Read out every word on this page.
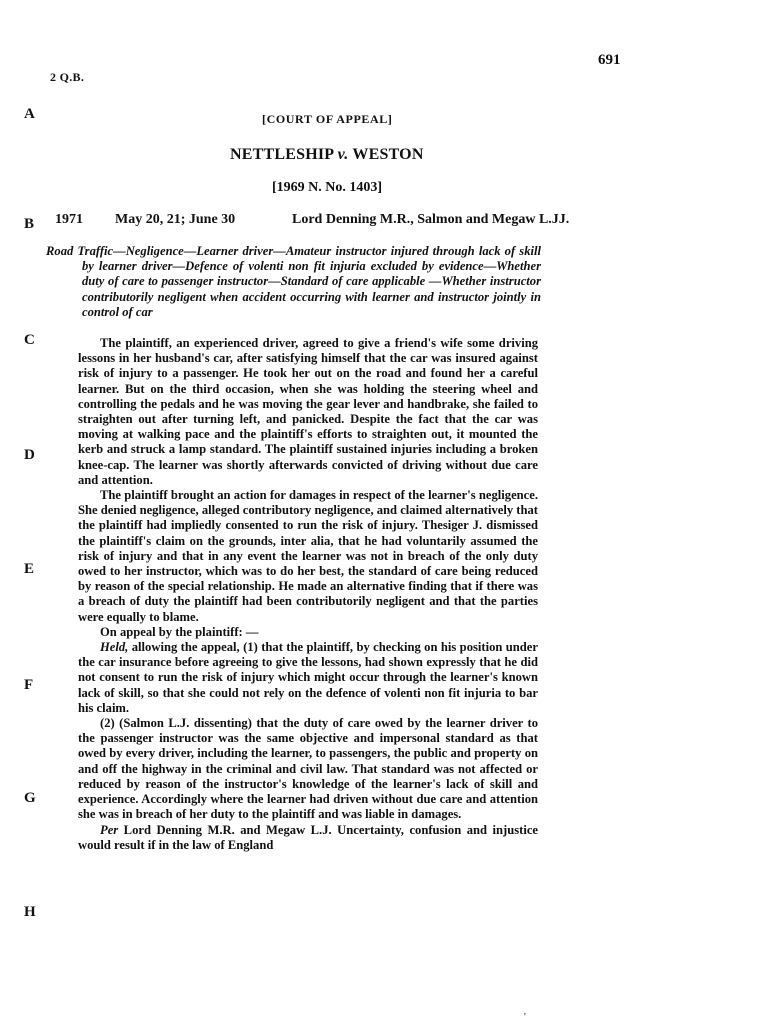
691
2 Q.B.
A
B
C
D
E
F
G
H
[COURT OF APPEAL]
NETTLESHIP v. WESTON
[1969 N. No. 1403]
1971 May 20, 21; June 30	Lord Denning M.R., Salmon and Megaw L.JJ.
Road Traffic—Negligence—Learner driver—Amateur instructor injured through lack of skill by learner driver—Defence of volenti non fit injuria excluded by evidence—Whether duty of care to passenger instructor—Standard of care applicable —Whether instructor contributorily negligent when accident occurring with learner and instructor jointly in control of car

The plaintiff, an experienced driver, agreed to give a friend's wife some driving lessons in her husband's car, after satisfying himself that the car was insured against risk of injury to a passenger. He took her out on the road and found her a careful learner. But on the third occasion, when she was holding the steering wheel and controlling the pedals and he was moving the gear lever and handbrake, she failed to straighten out after turning left, and panicked. Despite the fact that the car was moving at walking pace and the plaintiff's efforts to straighten out, it mounted the kerb and struck a lamp standard. The plaintiff sustained injuries including a broken knee-cap. The learner was shortly afterwards convicted of driving without due care and attention.

The plaintiff brought an action for damages in respect of the learner's negligence. She denied negligence, alleged contributory negligence, and claimed alternatively that the plaintiff had impliedly consented to run the risk of injury. Thesiger J. dismissed the plaintiff's claim on the grounds, inter alia, that he had voluntarily assumed the risk of injury and that in any event the learner was not in breach of the only duty owed to her instructor, which was to do her best, the standard of care being reduced by reason of the special relationship. He made an alternative finding that if there was a breach of duty the plaintiff had been contributorily negligent and that the parties were equally to blame.

On appeal by the plaintiff: —

Held, allowing the appeal, (1) that the plaintiff, by checking on his position under the car insurance before agreeing to give the lessons, had shown expressly that he did not consent to run the risk of injury which might occur through the learner's known lack of skill, so that she could not rely on the defence of volenti non fit injuria to bar his claim.

(2) (Salmon L.J. dissenting) that the duty of care owed by the learner driver to the passenger instructor was the same objective and impersonal standard as that owed by every driver, including the learner, to passengers, the public and property on and off the highway in the criminal and civil law. That standard was not affected or reduced by reason of the instructor's knowledge of the learner's lack of skill and experience. Accordingly where the learner had driven without due care and attention she was in breach of her duty to the plaintiff and was liable in damages.

Per Lord Denning M.R. and Megaw L.J. Uncertainty, confusion and injustice would result if in the law of England

'
